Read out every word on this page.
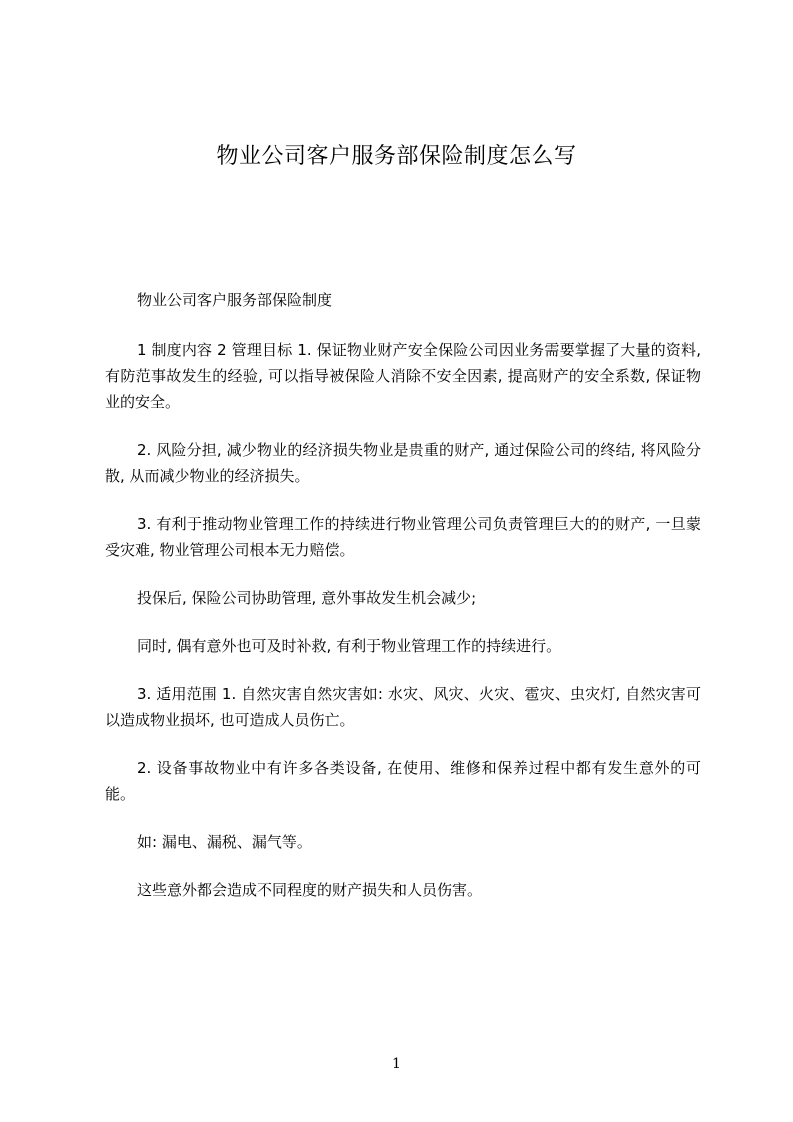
物业公司客户服务部保险制度怎么写

物业公司客户服务部保险制度

1 制度内容 2 管理目标 1. 保证物业财产安全保险公司因业务需要掌握了大量的资料, 有防范事故发生的经验, 可以指导被保险人消除不安全因素, 提高财产的安全系数, 保证物业的安全。

2. 风险分担, 减少物业的经济损失物业是贵重的财产, 通过保险公司的终结, 将风险分散, 从而减少物业的经济损失。

3. 有利于推动物业管理工作的持续进行物业管理公司负责管理巨大的的财产, 一旦蒙受灾难, 物业管理公司根本无力赔偿。

投保后, 保险公司协助管理, 意外事故发生机会减少;

同时, 偶有意外也可及时补救, 有利于物业管理工作的持续进行。

3. 适用范围 1. 自然灾害自然灾害如: 水灾、风灾、火灾、雹灾、虫灾灯, 自然灾害可以造成物业损坏, 也可造成人员伤亡。

2. 设备事故物业中有许多各类设备, 在使用、维修和保养过程中都有发生意外的可能。

如: 漏电、漏税、漏气等。

这些意外都会造成不同程度的财产损失和人员伤害。

1
